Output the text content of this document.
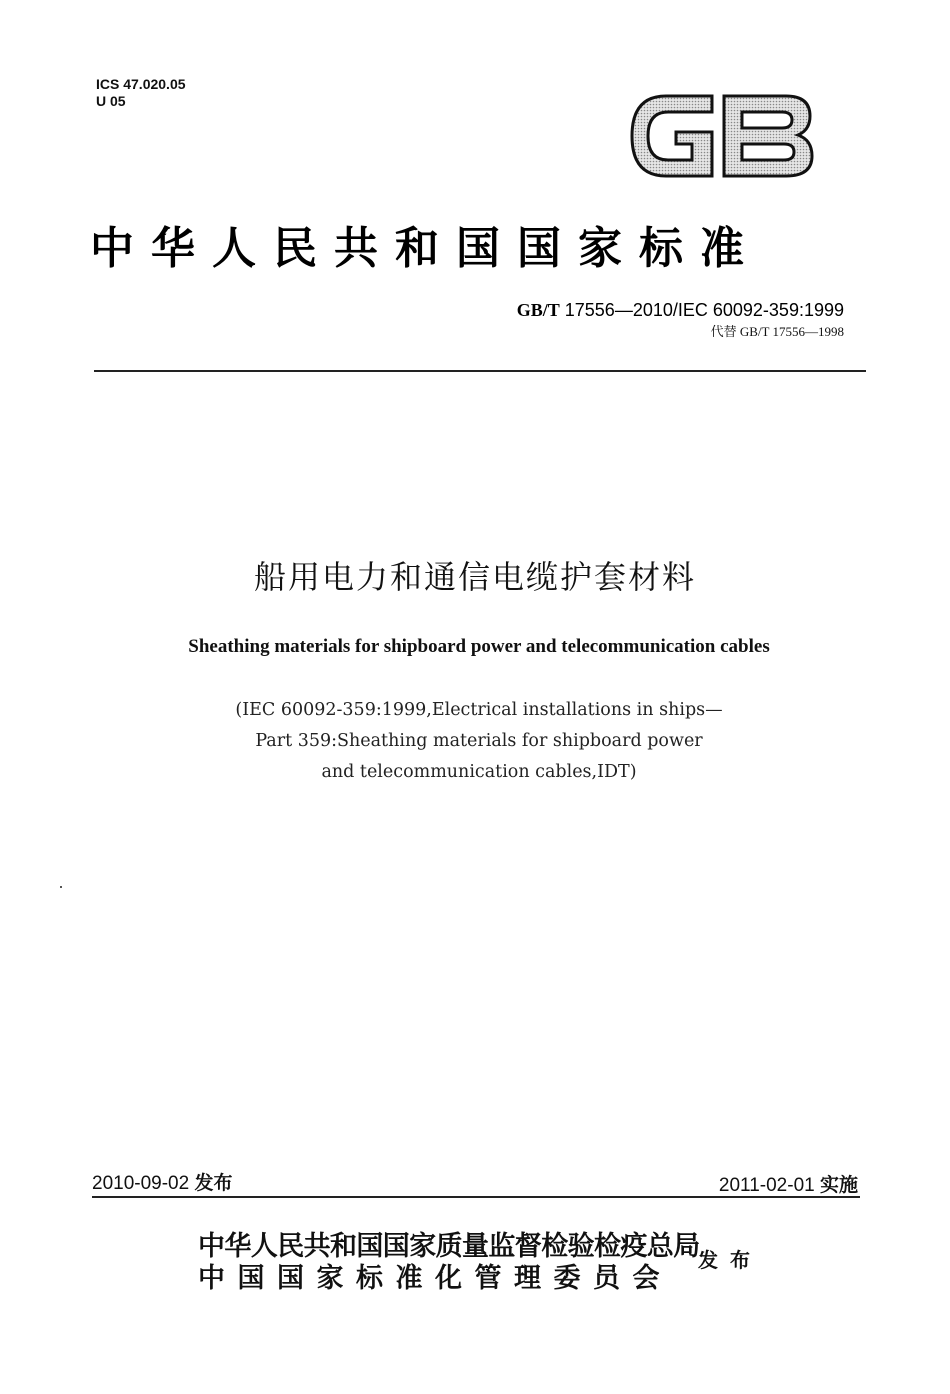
ICS 47.020.05
U 05
GB
中华人民共和国国家标准
GB/T 17556—2010/IEC 60092-359:1999
代替 GB/T 17556—1998
船用电力和通信电缆护套材料
Sheathing materials for shipboard power and telecommunication cables
(IEC 60092-359:1999,Electrical installations in ships—
Part 359:Sheathing materials for shipboard power
and telecommunication cables,IDT)
2010-09-02 发布	2011-02-01 实施
中华人民共和国国家质量监督检验检疫总局
中国国家标准化管理委员会
发布
